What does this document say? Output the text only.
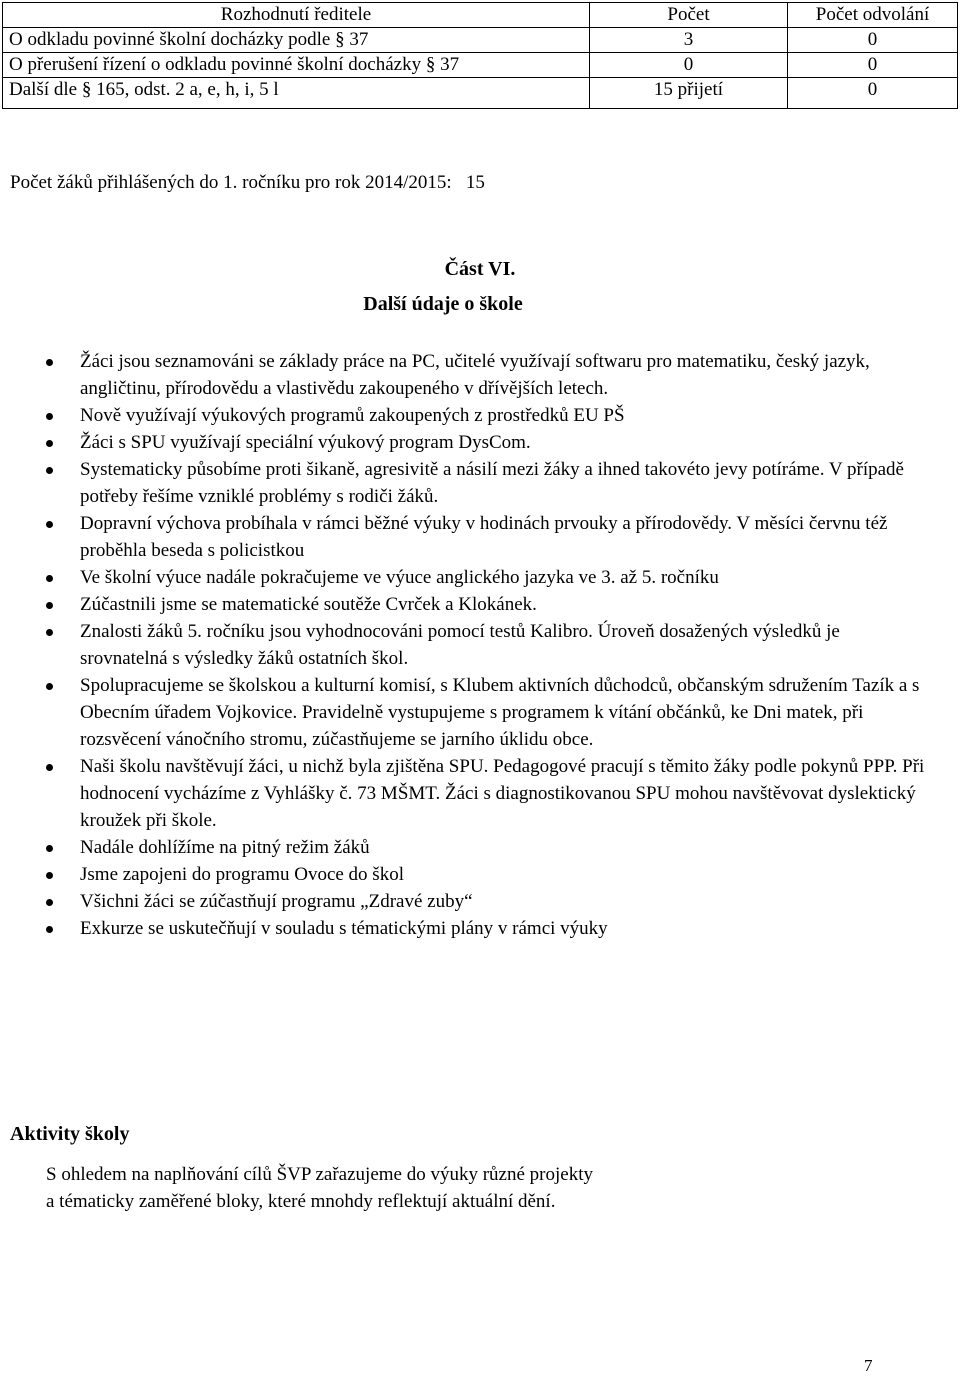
Rozhodnutí ředitele	Počet	Počet odvolání
O odkladu povinné školní docházky podle § 37	3	0
O přerušení řízení o odkladu povinné školní docházky § 37	0	0
Další dle § 165, odst. 2 a, e, h, i, 5 l	15 přijetí	0
Počet žáků přihlášených do 1. ročníku pro rok 2014/2015:   15
Část VI.
Další údaje o škole
Žáci jsou seznamováni se základy práce na PC, učitelé využívají softwaru pro matematiku, český jazyk, angličtinu, přírodovědu a vlastivědu zakoupeného v dřívějších letech.
Nově využívají výukových programů zakoupených z prostředků EU PŠ
Žáci s SPU využívají speciální výukový program DysCom.
Systematicky působíme proti šikaně, agresivitě a násilí mezi žáky a ihned takovéto jevy potíráme. V případě potřeby řešíme vzniklé problémy s rodiči žáků.
Dopravní výchova probíhala v rámci běžné výuky v hodinách prvouky a přírodovědy. V měsíci červnu též proběhla beseda s policistkou
Ve školní výuce nadále pokračujeme ve výuce anglického jazyka ve 3. až 5. ročníku
Zúčastnili jsme se matematické soutěže Cvrček a Klokánek.
Znalosti žáků 5. ročníku jsou vyhodnocováni pomocí testů Kalibro. Úroveň dosažených výsledků je srovnatelná s výsledky žáků ostatních škol.
Spolupracujeme se školskou a kulturní komisí, s Klubem aktivních důchodců, občanským sdružením Tazík a s Obecním úřadem Vojkovice. Pravidelně vystupujeme s programem k vítání občánků, ke Dni matek, při rozsvěcení vánočního stromu, zúčastňujeme se jarního úklidu obce.
Naši školu navštěvují žáci, u nichž byla zjištěna SPU. Pedagogové pracují s těmito žáky podle pokynů PPP. Při hodnocení vycházíme z Vyhlášky č. 73 MŠMT. Žáci s diagnostikovanou SPU mohou navštěvovat dyslektický kroužek při škole.
Nadále dohlížíme na pitný režim žáků
Jsme zapojeni do programu Ovoce do škol
Všichni žáci se zúčastňují programu „Zdravé zuby“
Exkurze se uskutečňují v souladu s tématickými plány v rámci výuky
Aktivity školy
S ohledem na naplňování cílů ŠVP zařazujeme do výuky různé projekty
a tématicky zaměřené bloky, které mnohdy reflektují aktuální dění.
7
